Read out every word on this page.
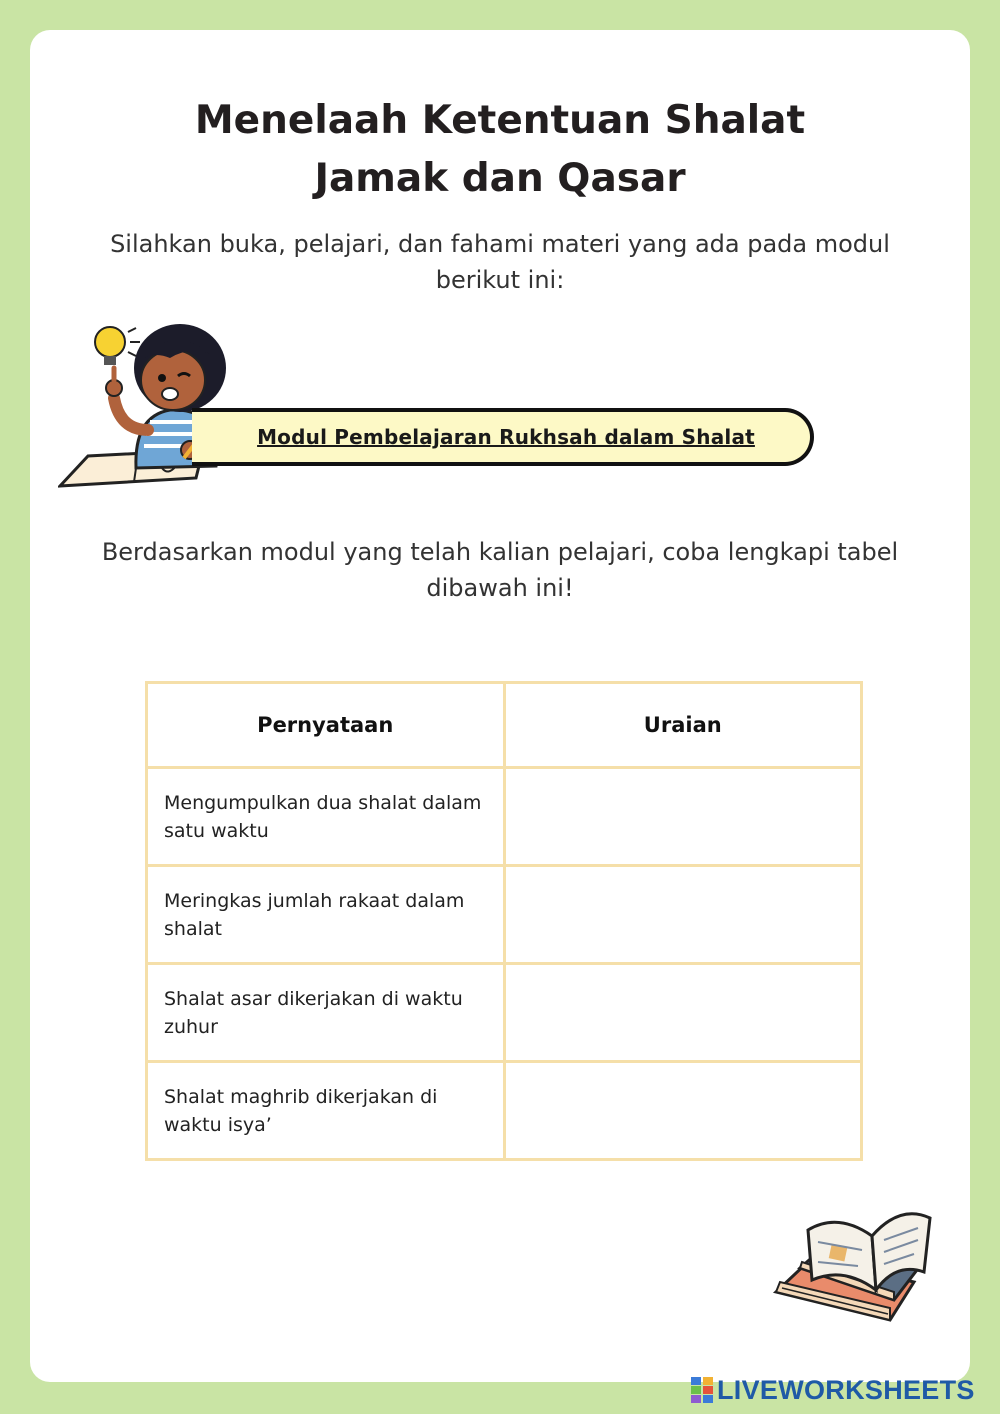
Menelaah Ketentuan Shalat
Jamak dan Qasar
Silahkan buka, pelajari, dan fahami materi yang ada pada modul berikut ini:
Modul Pembelajaran Rukhsah dalam Shalat
Berdasarkan modul yang telah kalian pelajari, coba lengkapi tabel dibawah ini!
Pernyataan	Uraian

Mengumpulkan dua shalat dalam satu waktu

Meringkas jumlah rakaat dalam shalat

Shalat asar dikerjakan di waktu zuhur

Shalat maghrib dikerjakan di waktu isya’

LIVEWORKSHEETS
